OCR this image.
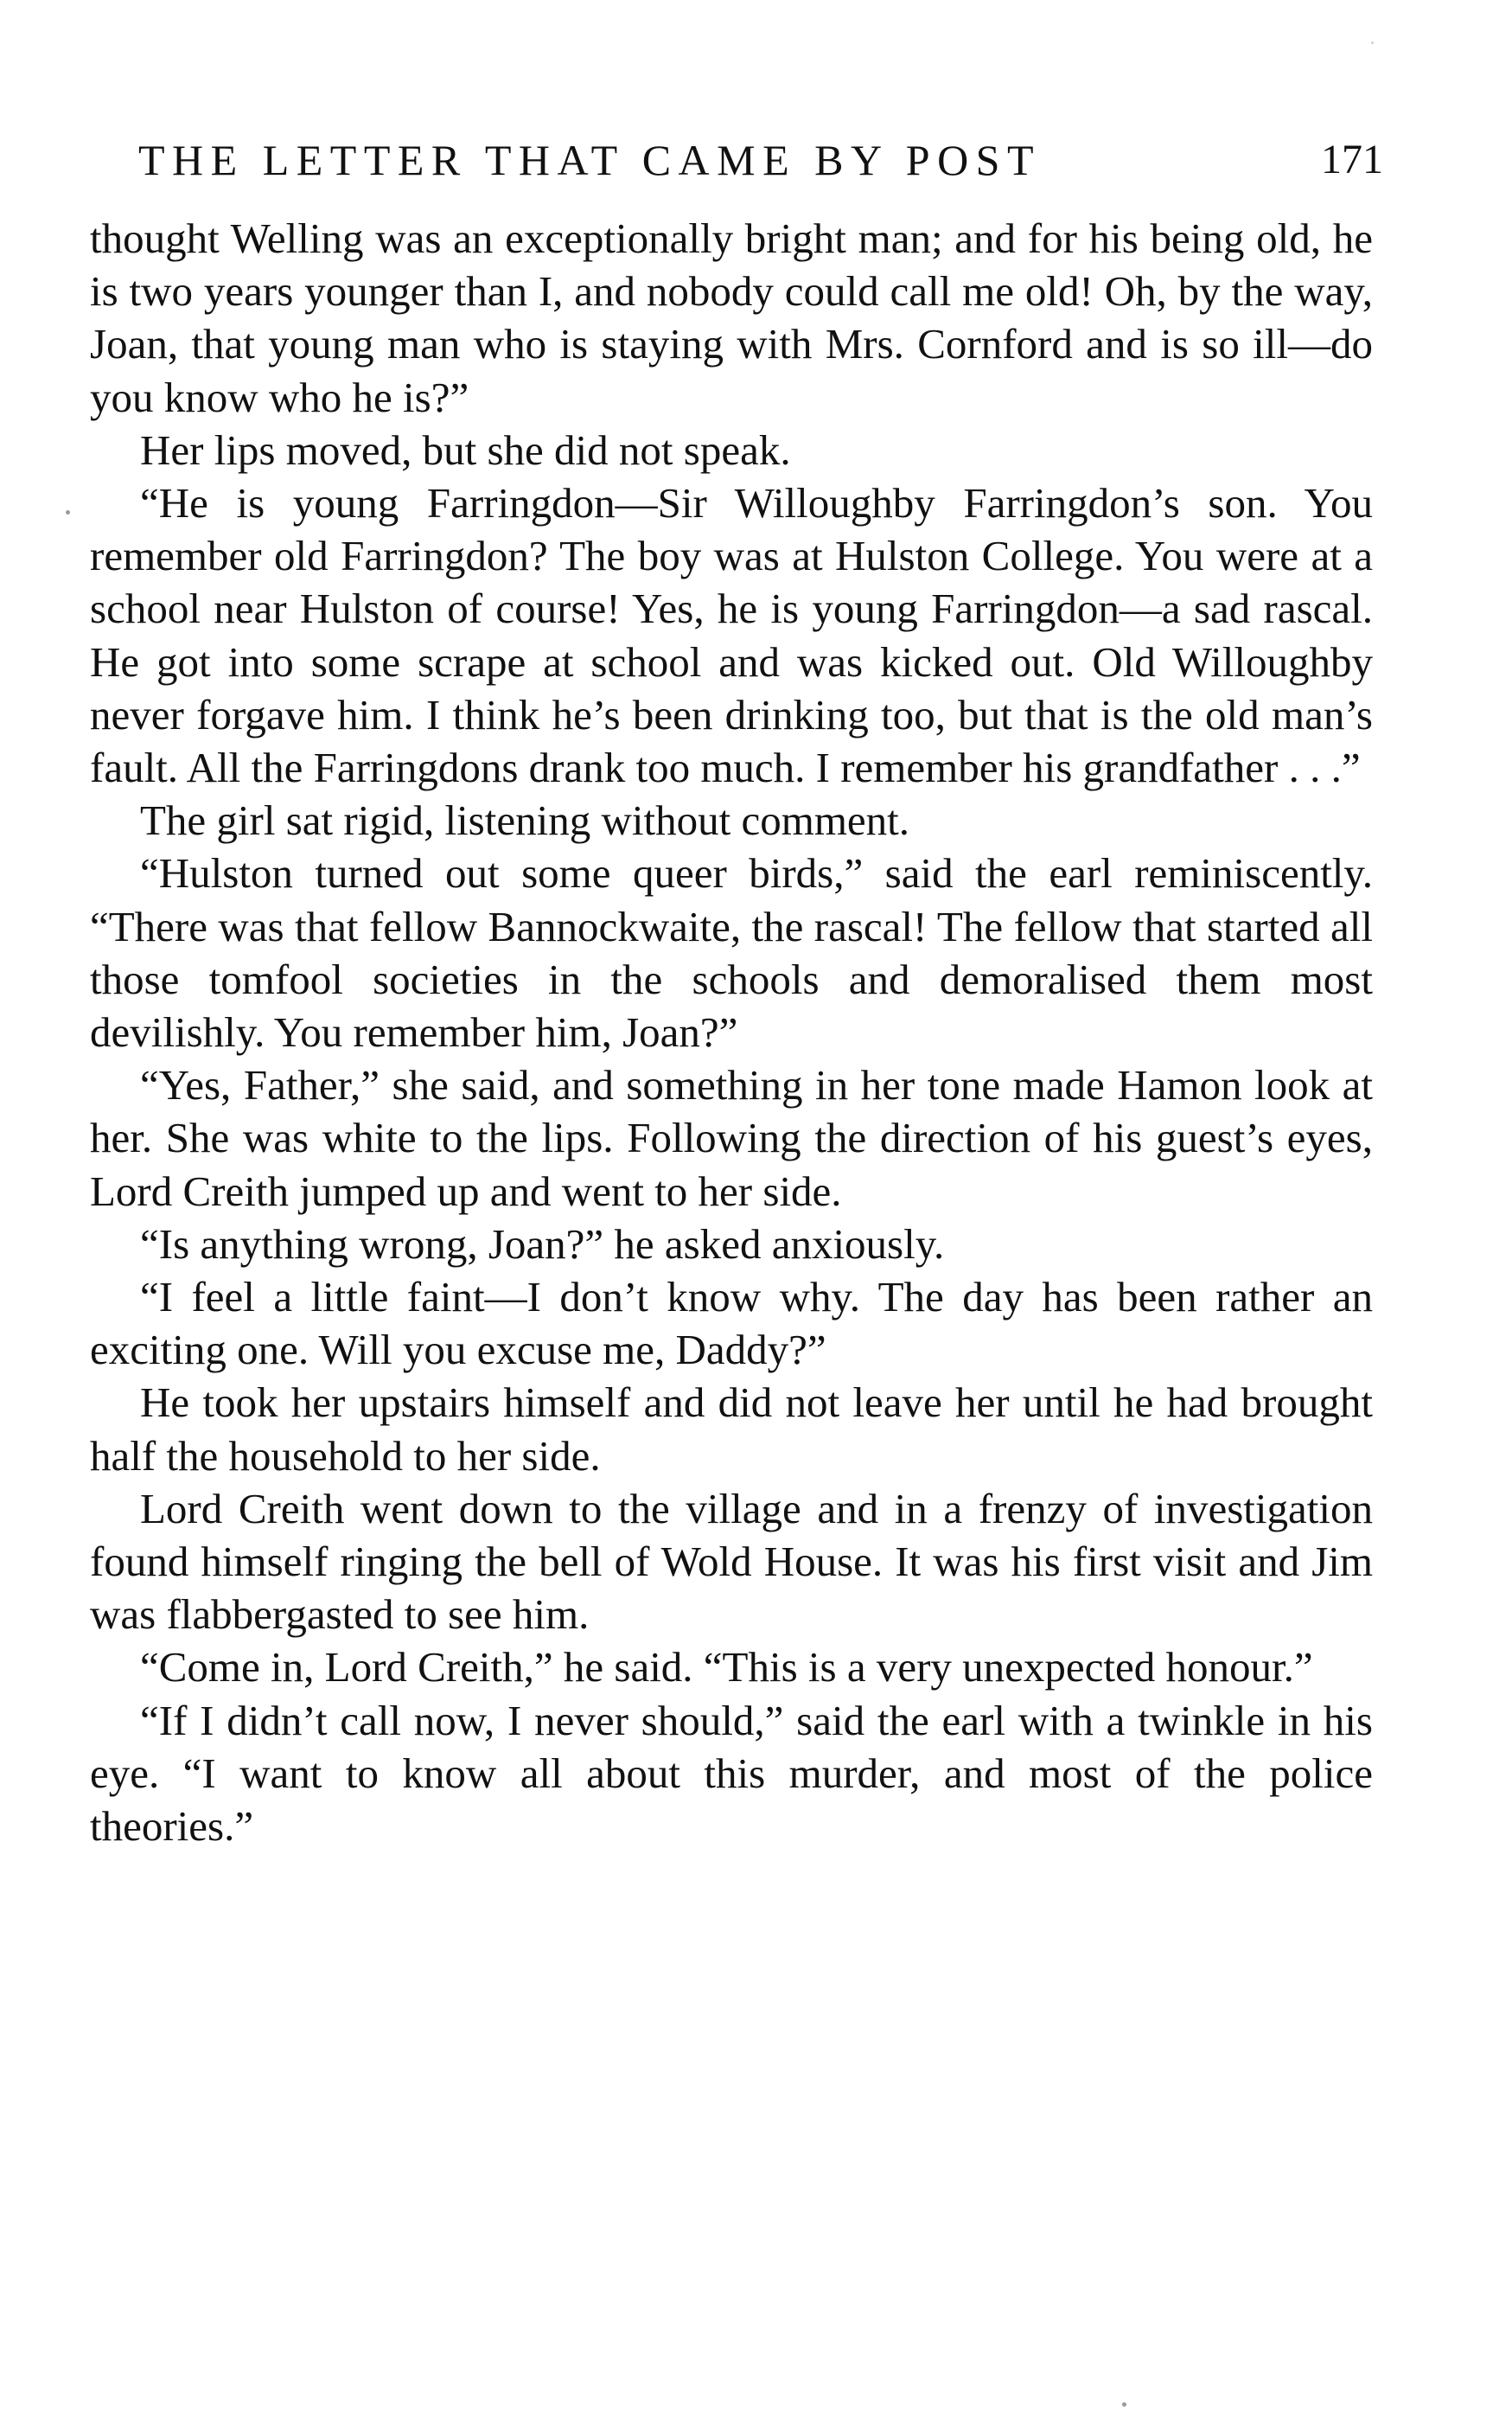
THE LETTER THAT CAME BY POST	171

thought Welling was an exceptionally bright man; and for his being old, he is two years younger than I, and nobody could call me old! Oh, by the way, Joan, that young man who is staying with Mrs. Cornford and is so ill—do you know who he is?”

Her lips moved, but she did not speak.

“He is young Farringdon—Sir Willoughby Farringdon’s son. You remember old Farringdon? The boy was at Hulston College. You were at a school near Hulston of course! Yes, he is young Farringdon—a sad rascal. He got into some scrape at school and was kicked out. Old Willoughby never forgave him. I think he’s been drinking too, but that is the old man’s fault. All the Farringdons drank too much. I remember his grandfather . . .”

The girl sat rigid, listening without comment.

“Hulston turned out some queer birds,” said the earl reminiscently. “There was that fellow Bannockwaite, the rascal! The fellow that started all those tomfool societies in the schools and demoralised them most devilishly. You remember him, Joan?”

“Yes, Father,” she said, and something in her tone made Hamon look at her. She was white to the lips. Following the direction of his guest’s eyes, Lord Creith jumped up and went to her side.

“Is anything wrong, Joan?” he asked anxiously.

“I feel a little faint—I don’t know why. The day has been rather an exciting one. Will you excuse me, Daddy?”

He took her upstairs himself and did not leave her until he had brought half the household to her side.

Lord Creith went down to the village and in a frenzy of investigation found himself ringing the bell of Wold House. It was his first visit and Jim was flabbergasted to see him.

“Come in, Lord Creith,” he said. “This is a very unexpected honour.”

“If I didn’t call now, I never should,” said the earl with a twinkle in his eye. “I want to know all about this murder, and most of the police theories.”
